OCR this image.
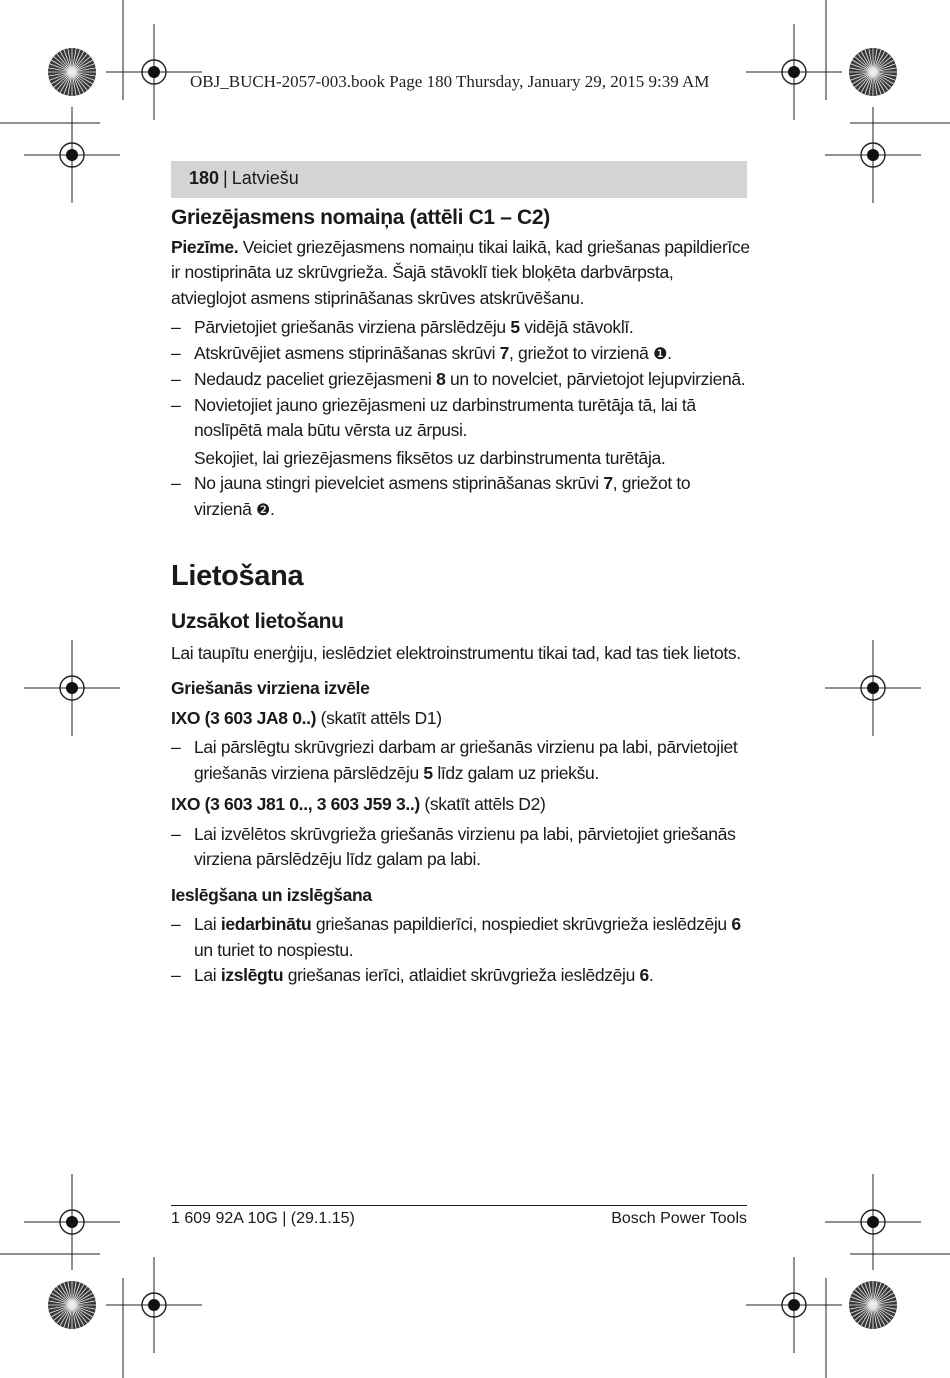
OBJ_BUCH-2057-003.book Page 180 Thursday, January 29, 2015 9:39 AM
180 | Latviešu
Griezējasmens nomaiņa (attēli C1 – C2)

Piezīme. Veiciet griezējasmens nomaiņu tikai laikā, kad griešanas papildierīce ir nostiprināta uz skrūvgrieža. Šajā stāvoklī tiek bloķēta darbvārpsta, atvieglojot asmens stiprināšanas skrūves atskrūvēšanu.

– Pārvietojiet griešanās virziena pārslēdzēju 5 vidējā stāvoklī.
– Atskrūvējiet asmens stiprināšanas skrūvi 7, griežot to virzienā ❶.
– Nedaudz paceliet griezējasmeni 8 un to novelciet, pārvietojot lejupvirzienā.
– Novietojiet jauno griezējasmeni uz darbinstrumenta turētāja tā, lai tā noslīpētā mala būtu vērsta uz ārpusi.
Sekojiet, lai griezējasmens fiksētos uz darbinstrumenta turētāja.
– No jauna stingri pievelciet asmens stiprināšanas skrūvi 7, griežot to virzienā ❷.
Lietošana
Uzsākot lietošanu

Lai taupītu enerģiju, ieslēdziet elektroinstrumentu tikai tad, kad tas tiek lietots.

Griešanās virziena izvēle

IXO (3 603 JA8 0..) (skatīt attēls D1)

– Lai pārslēgtu skrūvgriezi darbam ar griešanās virzienu pa labi, pārvietojiet griešanās virziena pārslēdzēju 5 līdz galam uz priekšu.

IXO (3 603 J81 0.., 3 603 J59 3..) (skatīt attēls D2)

– Lai izvēlētos skrūvgrieža griešanās virzienu pa labi, pārvietojiet griešanās virziena pārslēdzēju līdz galam pa labi.
Ieslēgšana un izslēgšana
– Lai iedarbinātu griešanas papildierīci, nospiediet skrūvgrieža ieslēdzēju 6 un turiet to nospiestu.
– Lai izslēgtu griešanas ierīci, atlaidiet skrūvgrieža ieslēdzēju 6.
1 609 92A 10G | (29.1.15)	Bosch Power Tools
